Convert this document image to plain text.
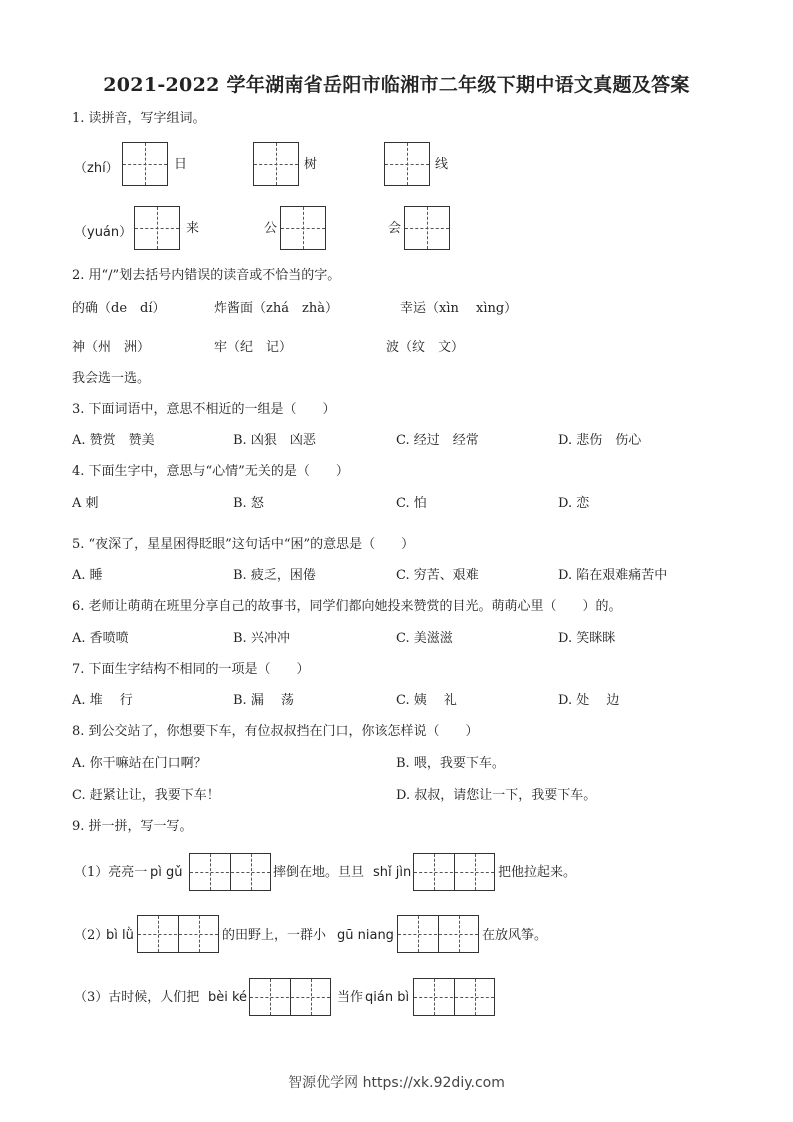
2021-2022 学年湖南省岳阳市临湘市二年级下期中语文真题及答案
1. 读拼音，写字组词。
（zhí）	日	树	线
（yuán）	来	公	会
2. 用“/”划去括号内错误的读音或不恰当的字。
的确（de　dí）	炸酱面（zhá　zhà）	幸运（xìn　 xìng）
神（州　洲）	牢（纪　记）	波（纹　文）
我会选一选。
3. 下面词语中，意思不相近的一组是（　　）
A. 赞赏　赞美	B. 凶狠　凶恶	C. 经过　经常	D. 悲伤　伤心
4. 下面生字中，意思与“心情”无关的是（　　）
A 刺	B. 怒	C. 怕	D. 恋
5. “夜深了，星星困得眨眼”这句话中“困”的意思是（　　）
A. 睡	B. 疲乏，困倦	C. 穷苦、艰难	D. 陷在艰难痛苦中
6. 老师让萌萌在班里分享自己的故事书，同学们都向她投来赞赏的目光。萌萌心里（　　）的。
A. 香喷喷	B. 兴冲冲	C. 美滋滋	D. 笑眯眯
7. 下面生字结构不相同的一项是（　　）
A. 堆　 行	B. 漏　 荡	C. 姨　 礼	D. 处　 边
8. 到公交站了，你想要下车，有位叔叔挡在门口，你该怎样说（　　）
A. 你干嘛站在门口啊？	B. 喂，我要下车。
C. 赶紧让让，我要下车！	D. 叔叔，请您让一下，我要下车。
9. 拼一拼，写一写。
（1）亮亮一 pì gǔ	摔倒在地。旦旦 shǐ jìn	把他拉起来。
（2）
bì lǜ	的田野上，一群小 gū niang	在放风筝。
（3）古时候，人们把 bèi ké	当作 qián bì
智源优学网 https://xk.92diy.com
